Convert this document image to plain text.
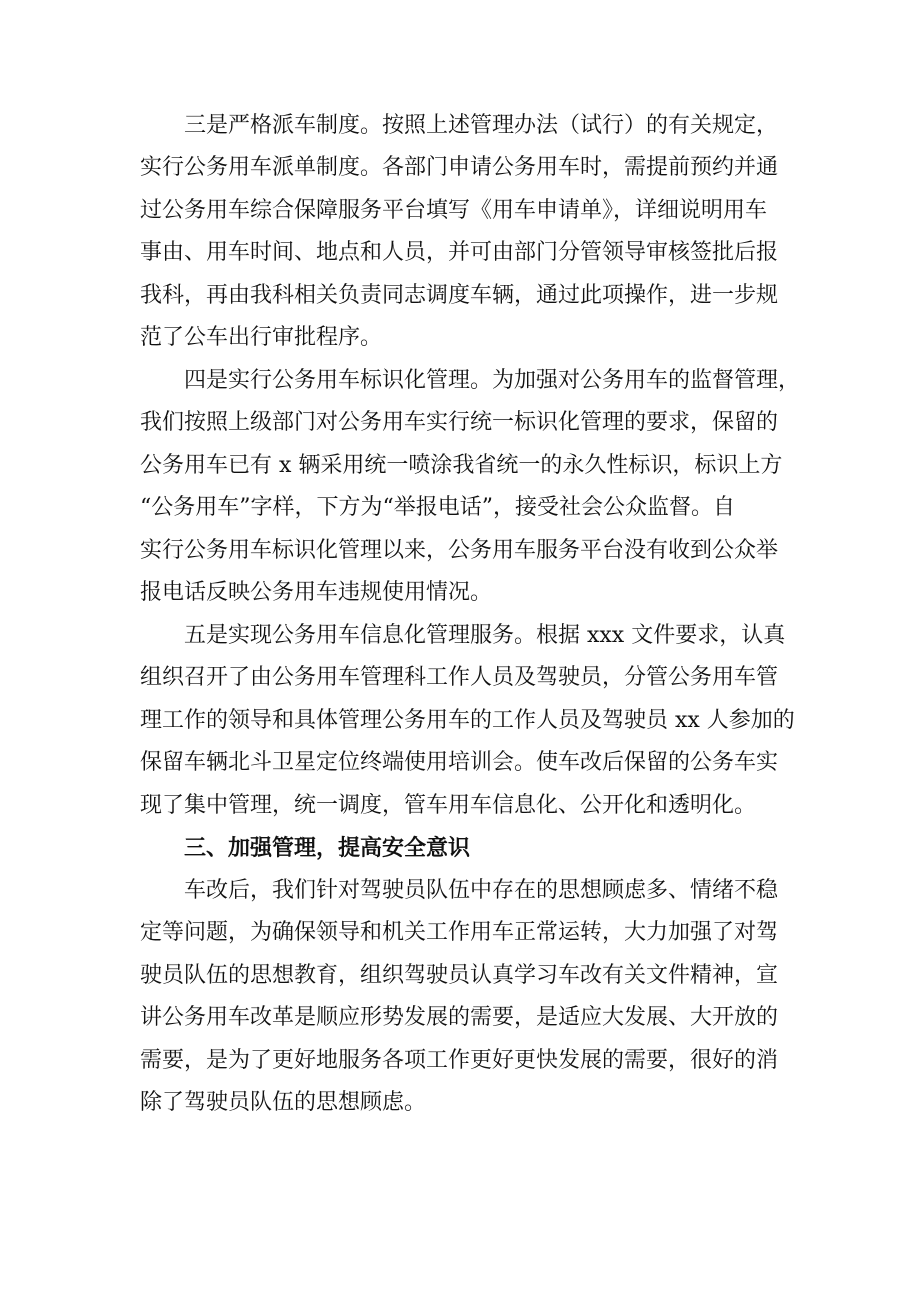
　　三是严格派车制度。按照上述管理办法（试行）的有关规定，

实行公务用车派单制度。各部门申请公务用车时，需提前预约并通

过公务用车综合保障服务平台填写《用车申请单》，详细说明用车

事由、用车时间、地点和人员，并可由部门分管领导审核签批后报

我科，再由我科相关负责同志调度车辆，通过此项操作，进一步规

范了公车出行审批程序。

　　四是实行公务用车标识化管理。为加强对公务用车的监督管理，

我们按照上级部门对公务用车实行统一标识化管理的要求，保留的

公务用车已有 x 辆采用统一喷涂我省统一的永久性标识，标识上方

“公务用车”字样，下方为“举报电话”，接受社会公众监督。自

实行公务用车标识化管理以来，公务用车服务平台没有收到公众举

报电话反映公务用车违规使用情况。

　　五是实现公务用车信息化管理服务。根据 xxx 文件要求，认真

组织召开了由公务用车管理科工作人员及驾驶员，分管公务用车管

理工作的领导和具体管理公务用车的工作人员及驾驶员 xx 人参加的

保留车辆北斗卫星定位终端使用培训会。使车改后保留的公务车实

现了集中管理，统一调度，管车用车信息化、公开化和透明化。

　　三、加强管理，提高安全意识

　　车改后，我们针对驾驶员队伍中存在的思想顾虑多、情绪不稳

定等问题，为确保领导和机关工作用车正常运转，大力加强了对驾

驶员队伍的思想教育，组织驾驶员认真学习车改有关文件精神，宣

讲公务用车改革是顺应形势发展的需要，是适应大发展、大开放的

需要，是为了更好地服务各项工作更好更快发展的需要，很好的消

除了驾驶员队伍的思想顾虑。
